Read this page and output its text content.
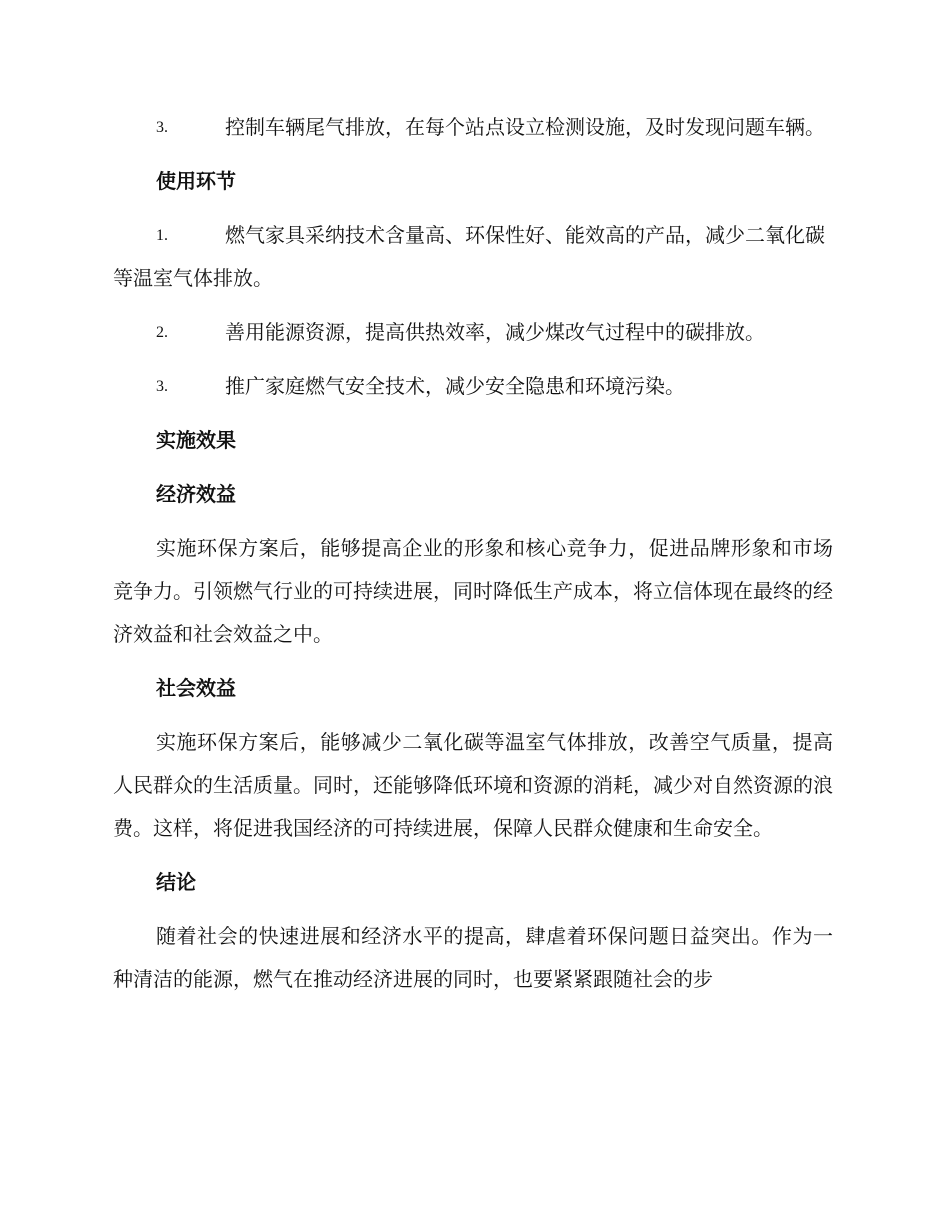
3.	控制车辆尾气排放，在每个站点设立检测设施，及时发现问题车辆。
使用环节
1.	燃气家具采纳技术含量高、环保性好、能效高的产品，减少二氧化碳等温室气体排放。
2.	善用能源资源，提高供热效率，减少煤改气过程中的碳排放。
3.	推广家庭燃气安全技术，减少安全隐患和环境污染。
实施效果
经济效益

实施环保方案后，能够提高企业的形象和核心竞争力，促进品牌形象和市场竞争力。引领燃气行业的可持续进展，同时降低生产成本，将立信体现在最终的经济效益和社会效益之中。

社会效益

实施环保方案后，能够减少二氧化碳等温室气体排放，改善空气质量，提高人民群众的生活质量。同时，还能够降低环境和资源的消耗，减少对自然资源的浪费。这样，将促进我国经济的可持续进展，保障人民群众健康和生命安全。

结论

随着社会的快速进展和经济水平的提高，肆虐着环保问题日益突出。作为一种清洁的能源，燃气在推动经济进展的同时，也要紧紧跟随社会的步
